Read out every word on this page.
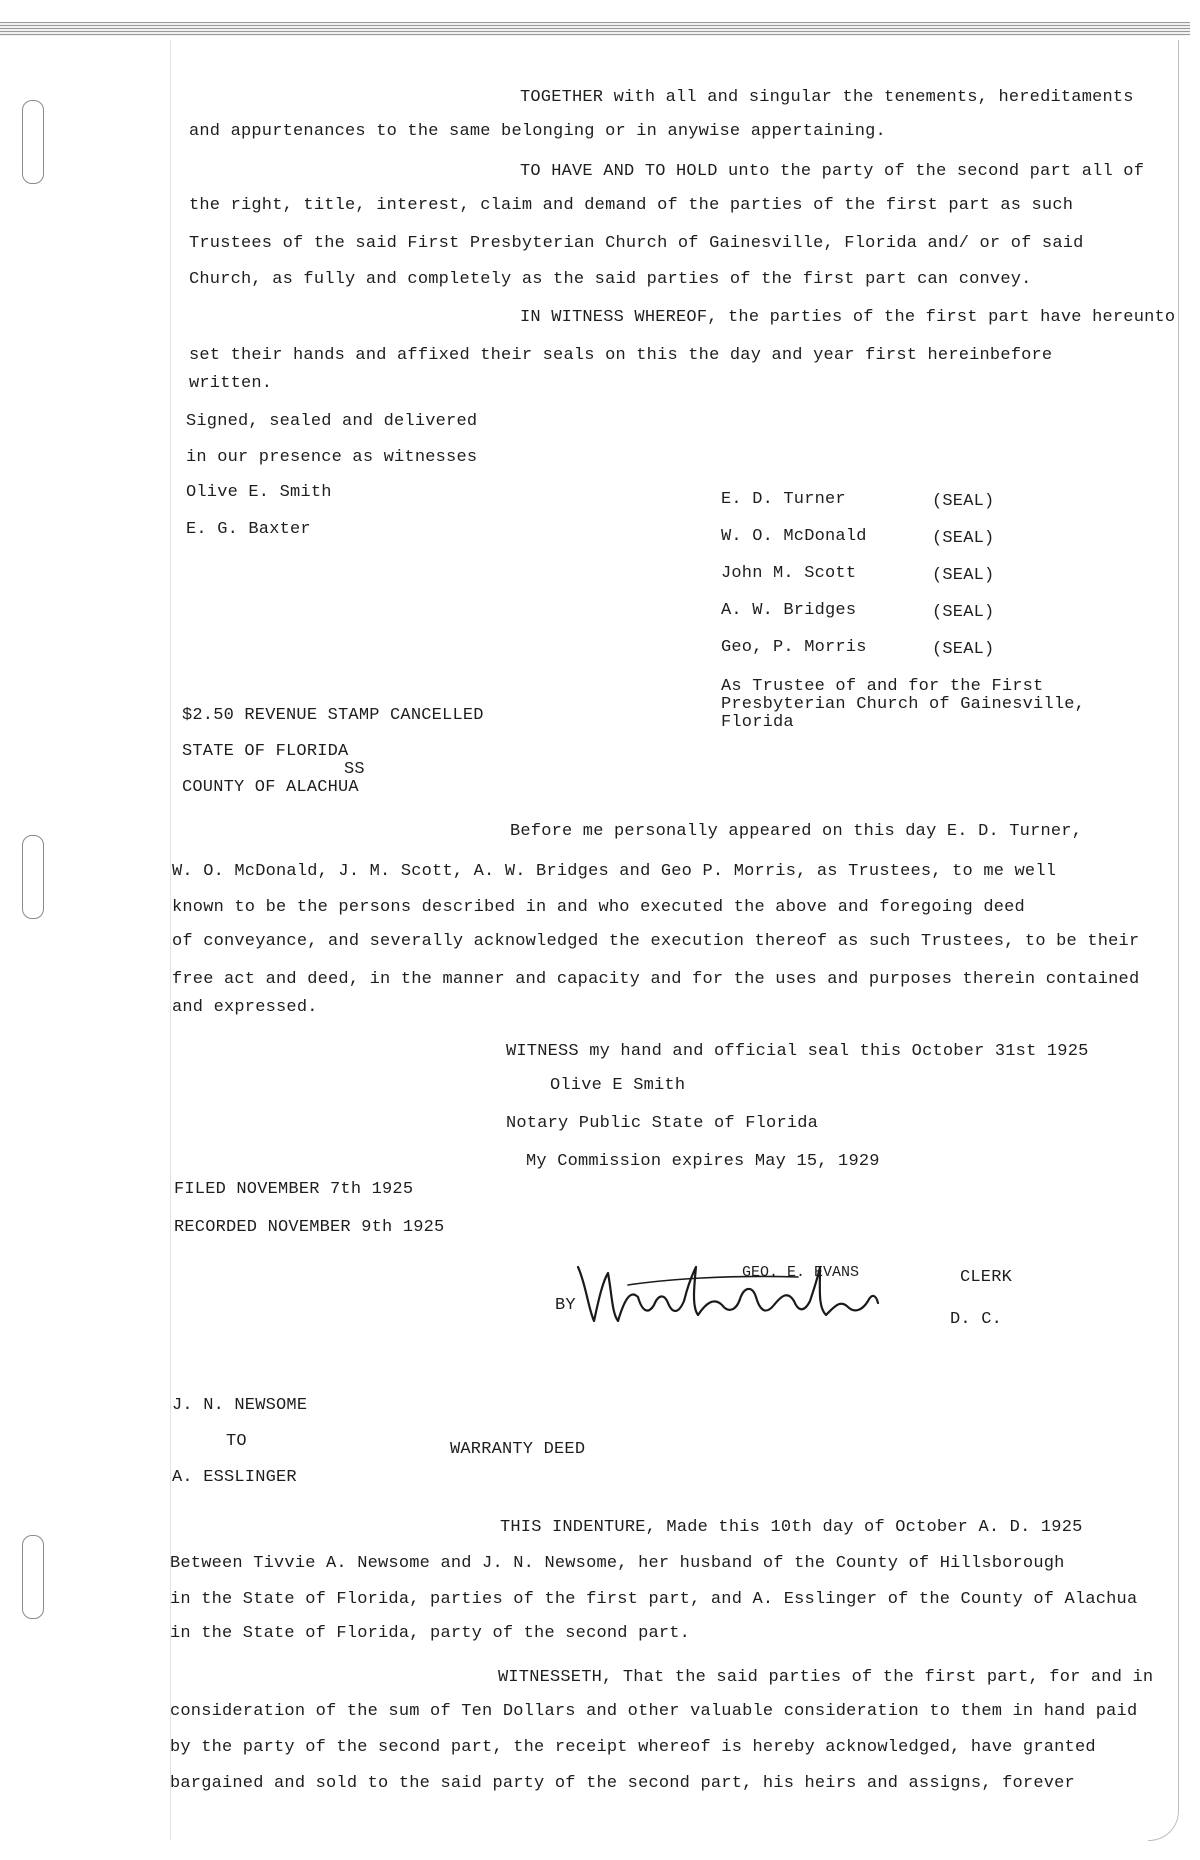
TOGETHER with all and singular the tenements, hereditaments
and appurtenances to the same belonging or in anywise appertaining.
TO HAVE AND TO HOLD unto the party of the second part all of
the right, title, interest, claim and demand of the parties of the first part as such
Trustees of the said First Presbyterian Church of Gainesville, Florida and/ or of said
Church, as fully and completely as the said parties of the first part can convey.
IN WITNESS WHEREOF, the parties of the first part have hereunto
set their hands and affixed their seals on this the day and year first hereinbefore
written.
Signed, sealed and delivered
in our presence as witnesses
Olive E. Smith
E. G. Baxter
E. D. Turner	(SEAL)
W. O. McDonald	(SEAL)
John M. Scott	(SEAL)
A. W. Bridges	(SEAL)
Geo, P. Morris	(SEAL)
As Trustee of and for the First
Presbyterian Church of Gainesville,
Florida
$2.50 REVENUE STAMP CANCELLED
STATE OF FLORIDA
SS
COUNTY OF ALACHUA
Before me personally appeared on this day E. D. Turner,
W. O. McDonald, J. M. Scott, A. W. Bridges and Geo P. Morris, as Trustees, to me well
known to be the persons described in and who executed the above and foregoing deed
of conveyance, and severally acknowledged the execution thereof as such Trustees, to be their
free act and deed, in the manner and capacity and for the uses and purposes therein contained
and expressed.
WITNESS my hand and official seal this October 31st 1925
Olive E Smith
Notary Public State of Florida
My Commission expires May 15, 1929
FILED NOVEMBER 7th 1925
RECORDED NOVEMBER 9th 1925
GEO. E. EVANS	CLERK
BY
D. C.
J. N. NEWSOME
TO	WARRANTY DEED
A. ESSLINGER
THIS INDENTURE, Made this 10th day of October A. D. 1925
Between Tivvie A. Newsome and J. N. Newsome, her husband of the County of Hillsborough
in the State of Florida, parties of the first part, and A. Esslinger of the County of Alachua
in the State of Florida, party of the second part.
WITNESSETH, That the said parties of the first part, for and in
consideration of the sum of Ten Dollars and other valuable consideration to them in hand paid
by the party of the second part, the receipt whereof is hereby acknowledged, have granted
bargained and sold to the said party of the second part, his heirs and assigns, forever
